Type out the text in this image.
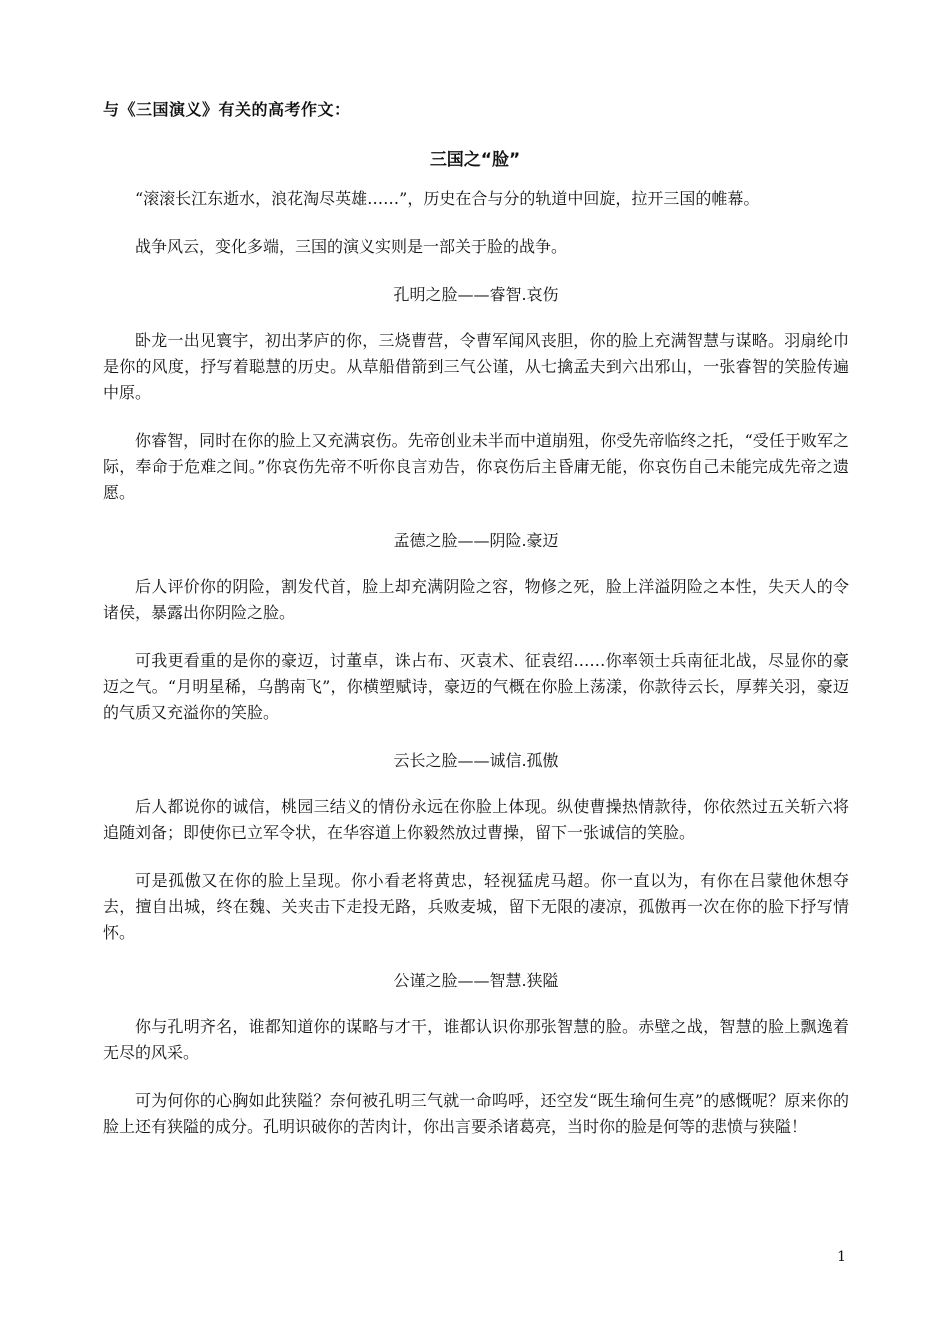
与《三国演义》有关的高考作文：
三国之“脸”

“滚滚长江东逝水，浪花淘尽英雄……”，历史在合与分的轨道中回旋，拉开三国的帷幕。

战争风云，变化多端，三国的演义实则是一部关于脸的战争。

孔明之脸——睿智.哀伤

卧龙一出见寰宇，初出茅庐的你，三烧曹营，令曹军闻风丧胆，你的脸上充满智慧与谋略。羽扇纶巾是你的风度，抒写着聪慧的历史。从草船借箭到三气公谨，从七擒孟夫到六出邪山，一张睿智的笑脸传遍中原。

你睿智，同时在你的脸上又充满哀伤。先帝创业未半而中道崩殂，你受先帝临终之托，“受任于败军之际，奉命于危难之间。”你哀伤先帝不听你良言劝告，你哀伤后主昏庸无能，你哀伤自己未能完成先帝之遗愿。

孟德之脸——阴险.豪迈

后人评价你的阴险，割发代首，脸上却充满阴险之容，物修之死，脸上洋溢阴险之本性，失天人的令诸侯，暴露出你阴险之脸。

可我更看重的是你的豪迈，讨董卓，诛占布、灭袁术、征袁绍……你率领士兵南征北战，尽显你的豪迈之气。“月明星稀，乌鹊南飞”，你横塑赋诗，豪迈的气概在你脸上荡漾，你款待云长，厚葬关羽，豪迈的气质又充溢你的笑脸。

云长之脸——诚信.孤傲

后人都说你的诚信，桃园三结义的情份永远在你脸上体现。纵使曹操热情款待，你依然过五关斩六将追随刘备；即使你已立军令状，在华容道上你毅然放过曹操，留下一张诚信的笑脸。

可是孤傲又在你的脸上呈现。你小看老将黄忠，轻视猛虎马超。你一直以为，有你在吕蒙他休想夺去，擅自出城，终在魏、关夹击下走投无路，兵败麦城，留下无限的凄凉，孤傲再一次在你的脸下抒写情怀。

公谨之脸——智慧.狭隘

你与孔明齐名，谁都知道你的谋略与才干，谁都认识你那张智慧的脸。赤壁之战，智慧的脸上飘逸着无尽的风采。

可为何你的心胸如此狭隘？奈何被孔明三气就一命呜呼，还空发“既生瑜何生亮”的感慨呢？原来你的脸上还有狭隘的成分。孔明识破你的苦肉计，你出言要杀诸葛亮，当时你的脸是何等的悲愤与狭隘！

1
